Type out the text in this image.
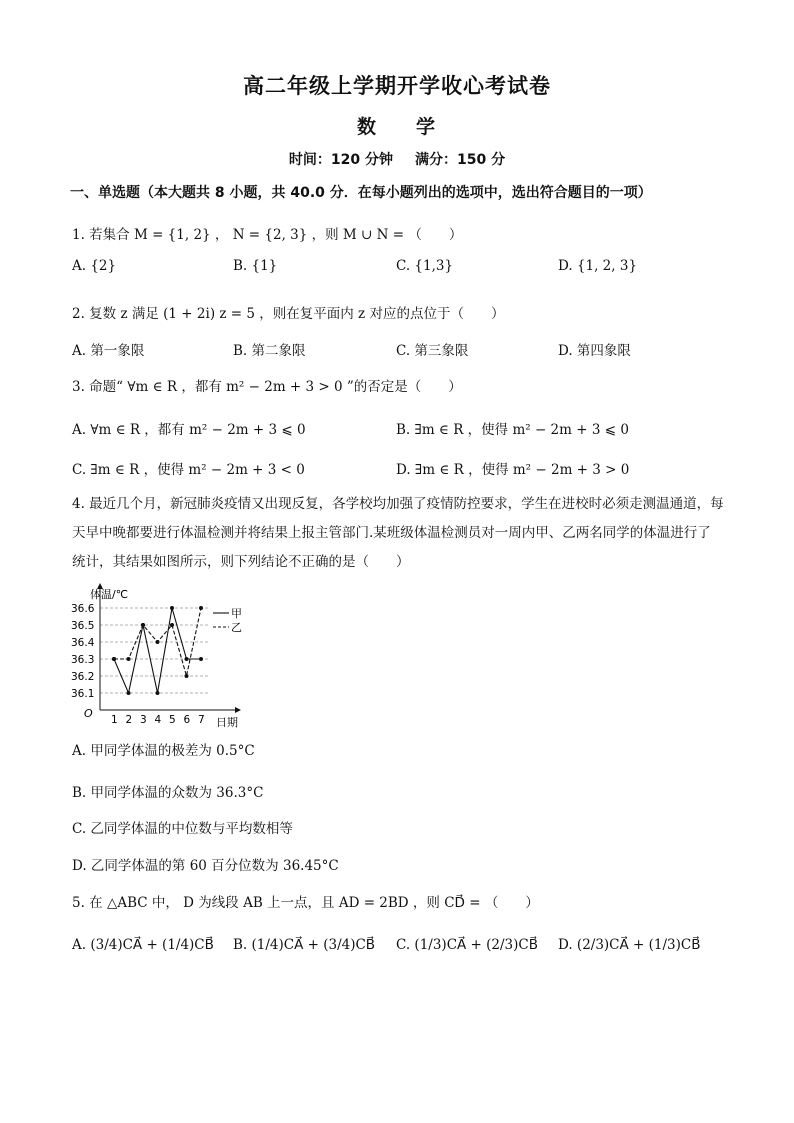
高二年级上学期开学收心考试卷
数 学
时间：120 分钟 满分：150 分
一、单选题（本大题共 8 小题，共 40.0 分．在每小题列出的选项中，选出符合题目的一项）
1. 若集合 M = {1, 2} ， N = {2, 3} ，则 M ∪ N = （　　）
A. {2}	B. {1}	C. {1,3}	D. {1, 2, 3}
2. 复数 z 满足 (1 + 2i) z = 5 ，则在复平面内 z 对应的点位于（　　）
A. 第一象限	B. 第二象限	C. 第三象限	D. 第四象限
3. 命题“ ∀m ∈ R ，都有 m² − 2m + 3 > 0 ”的否定是（　　）
A. ∀m ∈ R ，都有 m² − 2m + 3 ⩽ 0	B. ∃m ∈ R ，使得 m² − 2m + 3 ⩽ 0
C. ∃m ∈ R ，使得 m² − 2m + 3 < 0	D. ∃m ∈ R ，使得 m² − 2m + 3 > 0
4. 最近几个月，新冠肺炎疫情又出现反复，各学校均加强了疫情防控要求，学生在进校时必须走测温通道，每天早中晚都要进行体温检测并将结果上报主管部门.某班级体温检测员对一周内甲、乙两名同学的体温进行了统计，其结果如图所示，则下列结论不正确的是（　　）
体温/℃
日期
O
36.1
36.2
36.3
36.4
36.5
36.6
1 2 3 4 5 6 7
甲
乙
A. 甲同学体温的极差为 0.5°C
B. 甲同学体温的众数为 36.3°C
C. 乙同学体温的中位数与平均数相等
D. 乙同学体温的第 60 百分位数为 36.45°C
5. 在 △ABC 中， D 为线段 AB 上一点，且 AD = 2BD ，则 CD⃗ = （　　）
A. (3/4)CA⃗ + (1/4)CB⃗ B. (1/4)CA⃗ + (3/4)CB⃗ C. (1/3)CA⃗ + (2/3)CB⃗ D. (2/3)CA⃗ + (1/3)CB⃗
